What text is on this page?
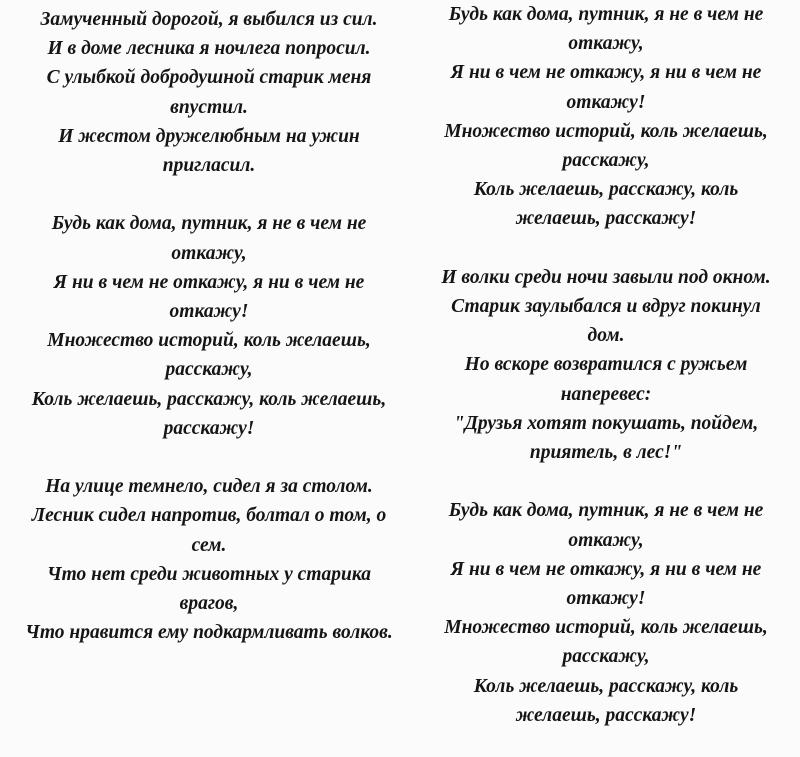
Замученный дорогой, я выбился из сил.
И в доме лесника я ночлега попросил.
С улыбкой добродушной старик меня
впустил.
И жестом дружелюбным на ужин
пригласил.
Будь как дома, путник, я не в чем не
откажу,
Я ни в чем не откажу, я ни в чем не
откажу!
Множество историй, коль желаешь,
расскажу,
Коль желаешь, расскажу, коль желаешь,
расскажу!
На улице темнело, сидел я за столом.
Лесник сидел напротив, болтал о том, о
сем.
Что нет среди животных у старика
врагов,
Что нравится ему подкармливать волков.
Будь как дома, путник, я не в чем не
откажу,
Я ни в чем не откажу, я ни в чем не
откажу!
Множество историй, коль желаешь,
расскажу,
Коль желаешь, расскажу, коль
желаешь, расскажу!
И волки среди ночи завыли под окном.
Старик заулыбался и вдруг покинул
дом.
Но вскоре возвратился с ружьем
наперевес:
"Друзья хотят покушать, пойдем,
приятель, в лес!"
Будь как дома, путник, я не в чем не
откажу,
Я ни в чем не откажу, я ни в чем не
откажу!
Множество историй, коль желаешь,
расскажу,
Коль желаешь, расскажу, коль
желаешь, расскажу!
